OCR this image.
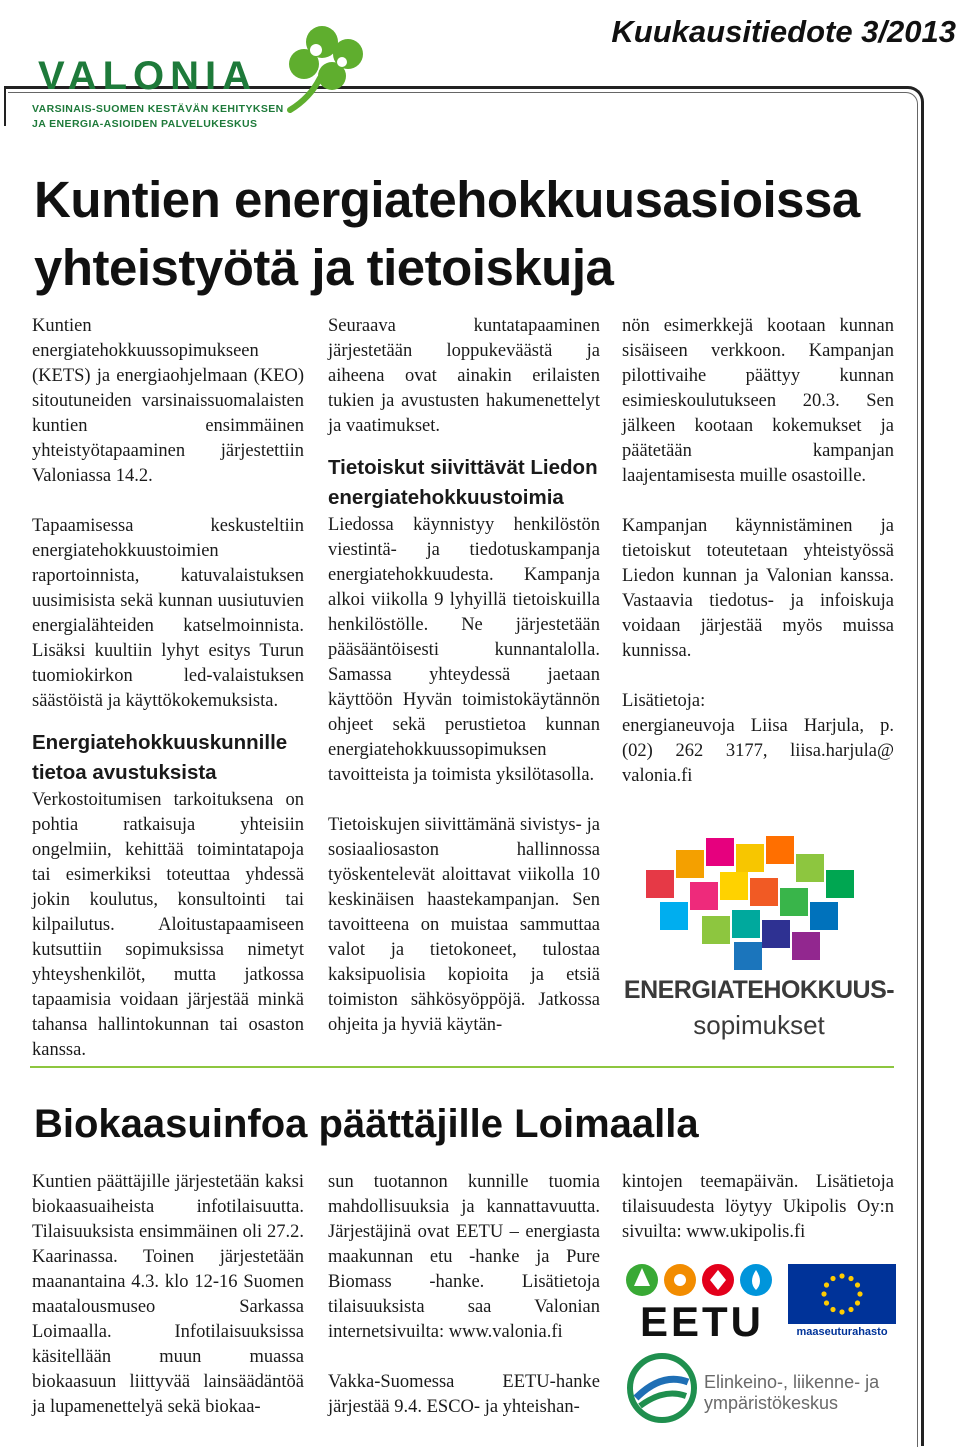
Kuukausitiedote 3/2013
VALONIA
VARSINAIS-SUOMEN KESTÄVÄN KEHITYKSEN
JA ENERGIA-ASIOIDEN PALVELUKESKUS
Kuntien energiatehokkuusasioissa
yhteistyötä ja tietoiskuja

Kuntien energiatehokkuussopimukseen (KETS) ja energiaohjelmaan (KEO) sitoutuneiden varsinaissuomalaisten kuntien ensimmäinen yhteistyötapaaminen järjestettiin Valoniassa 14.2.

Tapaamisessa keskusteltiin energiatehokkuustoimien raportoinnista, katuvalaistuksen uusimisista sekä kunnan uusiutuvien energialähteiden katselmoinnista. Lisäksi kuultiin lyhyt esitys Turun tuomiokirkon led-valaistuksen säästöistä ja käyttökokemuksista.

Energiatehokkuuskunnille tietoa avustuksista

Verkostoitumisen tarkoituksena on pohtia ratkaisuja yhteisiin ongelmiin, kehittää toimintatapoja tai esimerkiksi toteuttaa yhdessä jokin koulutus, konsultointi tai kilpailutus. Aloitustapaamiseen kutsuttiin sopimuksissa nimetyt yhteyshenkilöt, mutta jatkossa tapaamisia voidaan järjestää minkä tahansa hallintokunnan tai osaston kanssa.

Seuraava kuntatapaaminen järjestetään loppukeväästä ja aiheena ovat ainakin erilaisten tukien ja avustusten hakumenettelyt ja vaatimukset.

Tietoiskut siivittävät Liedon energiatehokkuustoimia

Liedossa käynnistyy henkilöstön viestintä- ja tiedotuskampanja energiatehokkuudesta. Kampanja alkoi viikolla 9 lyhyillä tietoiskuilla henkilöstölle. Ne järjestetään pääsääntöisesti kunnantalolla. Samassa yhteydessä jaetaan käyttöön Hyvän toimistokäytännön ohjeet sekä perustietoa kunnan energiatehokkuussopimuksen tavoitteista ja toimista yksilötasolla.

Tietoiskujen siivittämänä sivistys- ja sosiaaliosaston hallinnossa työskentelevät aloittavat viikolla 10 keskinäisen haastekampanjan. Sen tavoitteena on muistaa sammuttaa valot ja tietokoneet, tulostaa kaksipuolisia kopioita ja etsiä toimiston sähkösyöppöjä. Jatkossa ohjeita ja hyviä käytän-

nön esimerkkejä kootaan kunnan sisäiseen verkkoon. Kampanjan pilottivaihe päättyy kunnan esimieskoulutukseen 20.3. Sen jälkeen kootaan kokemukset ja päätetään kampanjan laajentamisesta muille osastoille.

Kampanjan käynnistäminen ja tietoiskut toteutetaan yhteistyössä Liedon kunnan ja Valonian kanssa. Vastaavia tiedotus- ja infoiskuja voidaan järjestää myös muissa kunnissa.

Lisätietoja:

energianeuvoja Liisa Harjula, p. (02) 262 3177, liisa.harjula@ valonia.fi

ENERGIATEHOKKUUS-
sopimukset
Biokaasuinfoa päättäjille Loimaalla

Kuntien päättäjille järjestetään kaksi biokaasuaiheista infotilaisuutta. Tilaisuuksista ensimmäinen oli 27.2. Kaarinassa. Toinen järjestetään maanantaina 4.3. klo 12-16 Suomen maatalousmuseo Sarkassa Loimaalla. Infotilaisuuksissa käsitellään muun muassa biokaasuun liittyvää lainsäädäntöä ja lupamenettelyä sekä biokaa-

sun tuotannon kunnille tuomia mahdollisuuksia ja kannattavuutta. Järjestäjinä ovat EETU – energiasta maakunnan etu -hanke ja Pure Biomass -hanke. Lisätietoja tilaisuuksista saa Valonian internetsivuilta: www.valonia.fi

Vakka-Suomessa EETU-hanke järjestää 9.4. ESCO- ja yhteishan-

kintojen teemapäivän. Lisätietoja tilaisuudesta löytyy Ukipolis Oy:n sivuilta: www.ukipolis.fi

EETU	maaseuturahasto
Elinkeino-, liikenne- ja
ympäristökeskus
